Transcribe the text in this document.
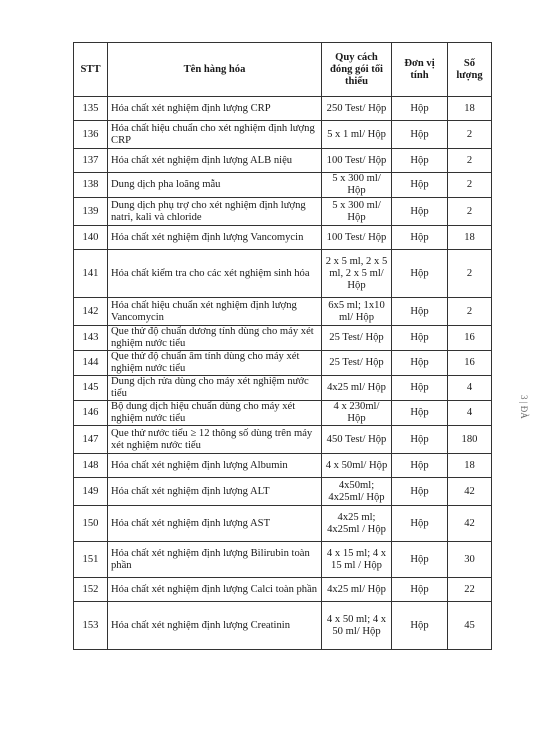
STT	Tên hàng hóa	Quy cách đóng gói tối thiểu	Đơn vị tính	Số lượng
135	Hóa chất xét nghiệm định lượng CRP	250 Test/ Hộp	Hộp	18
136	Hóa chất hiệu chuẩn cho xét nghiệm định lượng CRP	5 x 1 ml/ Hộp	Hộp	2
137	Hóa chất xét nghiệm định lượng ALB niệu	100 Test/ Hộp	Hộp	2
138	Dung dịch pha loãng mẫu	5 x 300 ml/ Hộp	Hộp	2
139	Dung dịch phụ trợ cho xét nghiệm định lượng natri, kali và chloride	5 x 300 ml/ Hộp	Hộp	2
140	Hóa chất xét nghiệm định lượng Vancomycin	100 Test/ Hộp	Hộp	18
141	Hóa chất kiểm tra cho các xét nghiệm sinh hóa	2 x 5 ml, 2 x 5 ml, 2 x 5 ml/ Hộp	Hộp	2
142	Hóa chất hiệu chuẩn xét nghiệm định lượng Vancomycin	6x5 ml; 1x10 ml/ Hộp	Hộp	2
143	Que thử độ chuẩn dương tính dùng cho máy xét nghiệm nước tiểu	25 Test/ Hộp	Hộp	16
144	Que thử độ chuẩn âm tính dùng cho máy xét nghiệm nước tiểu	25 Test/ Hộp	Hộp	16
145	Dung dịch rửa dùng cho máy xét nghiệm nước tiểu	4x25 ml/ Hộp	Hộp	4
146	Bộ dung dịch hiệu chuẩn dùng cho máy xét nghiệm nước tiểu	4 x 230ml/ Hộp	Hộp	4
147	Que thử nước tiểu ≥ 12 thông số dùng trên máy xét nghiệm nước tiểu	450 Test/ Hộp	Hộp	180
148	Hóa chất xét nghiệm định lượng Albumin	4 x 50ml/ Hộp	Hộp	18
149	Hóa chất xét nghiệm định lượng ALT	4x50ml; 4x25ml/ Hộp	Hộp	42
150	Hóa chất xét nghiệm định lượng AST	4x25 ml; 4x25ml / Hộp	Hộp	42
151	Hóa chất xét nghiệm định lượng Bilirubin toàn phần	4 x 15 ml; 4 x 15 ml / Hộp	Hộp	30
152	Hóa chất xét nghiệm định lượng Calci toàn phần	4x25 ml/ Hộp	Hộp	22
153	Hóa chất xét nghiệm định lượng Creatinin	4 x 50 ml; 4 x 50 ml/ Hộp	Hộp	45
3 | ĐÀ
